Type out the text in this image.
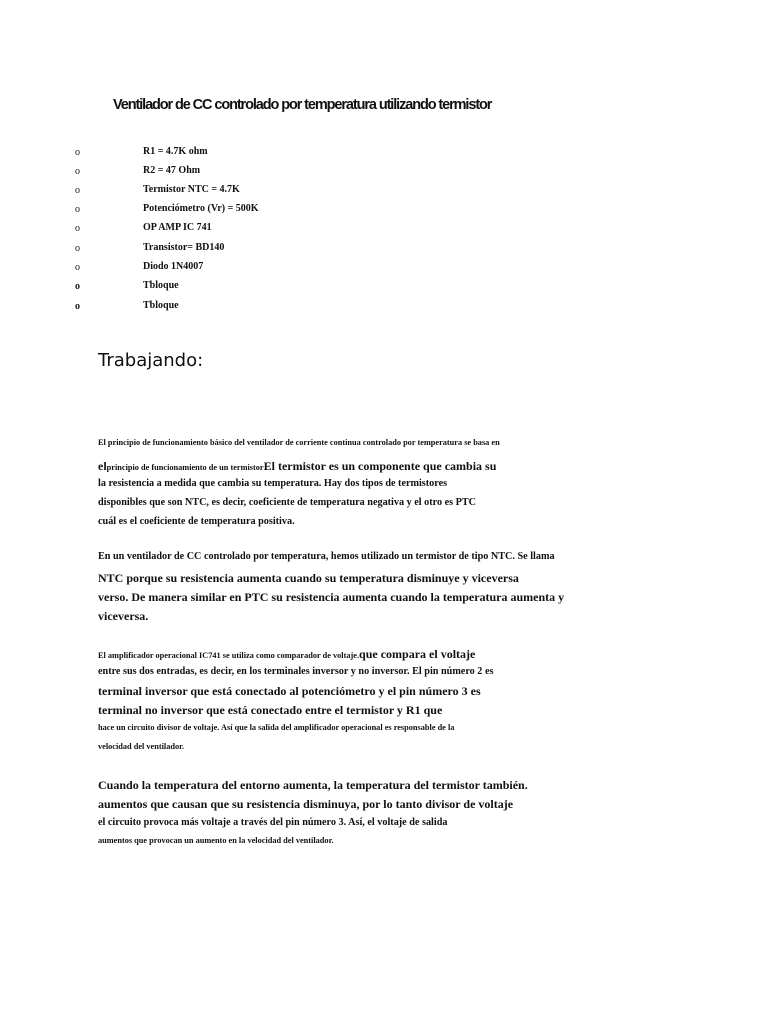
Ventilador de CC controlado por temperatura utilizando termistor
o	R1 = 4.7K ohm
o	R2 = 47 Ohm
o	Termistor NTC = 4.7K
o	Potenciómetro (Vr) = 500K
o	OP AMP IC 741
o	Transistor= BD140
o	Diodo 1N4007
o	Tbloque
o	Tbloque
Trabajando:
El principio de funcionamiento básico del ventilador de corriente continua controlado por temperatura se basa en
elprincipio de funcionamiento de un termistorEl termistor es un componente que cambia su
la resistencia a medida que cambia su temperatura. Hay dos tipos de termistores
disponibles que son NTC, es decir, coeficiente de temperatura negativa y el otro es PTC
cuál es el coeficiente de temperatura positiva.
En un ventilador de CC controlado por temperatura, hemos utilizado un termistor de tipo NTC. Se llama
NTC porque su resistencia aumenta cuando su temperatura disminuye y viceversa
verso. De manera similar en PTC su resistencia aumenta cuando la temperatura aumenta y
viceversa.
El amplificador operacional IC741 se utiliza como comparador de voltaje.que compara el voltaje
entre sus dos entradas, es decir, en los terminales inversor y no inversor. El pin número 2 es
terminal inversor que está conectado al potenciómetro y el pin número 3 es
terminal no inversor que está conectado entre el termistor y R1 que
hace un circuito divisor de voltaje. Así que la salida del amplificador operacional es responsable de la
velocidad del ventilador.
Cuando la temperatura del entorno aumenta, la temperatura del termistor también.
aumentos que causan que su resistencia disminuya, por lo tanto divisor de voltaje
el circuito provoca más voltaje a través del pin número 3. Así, el voltaje de salida
aumentos que provocan un aumento en la velocidad del ventilador.
